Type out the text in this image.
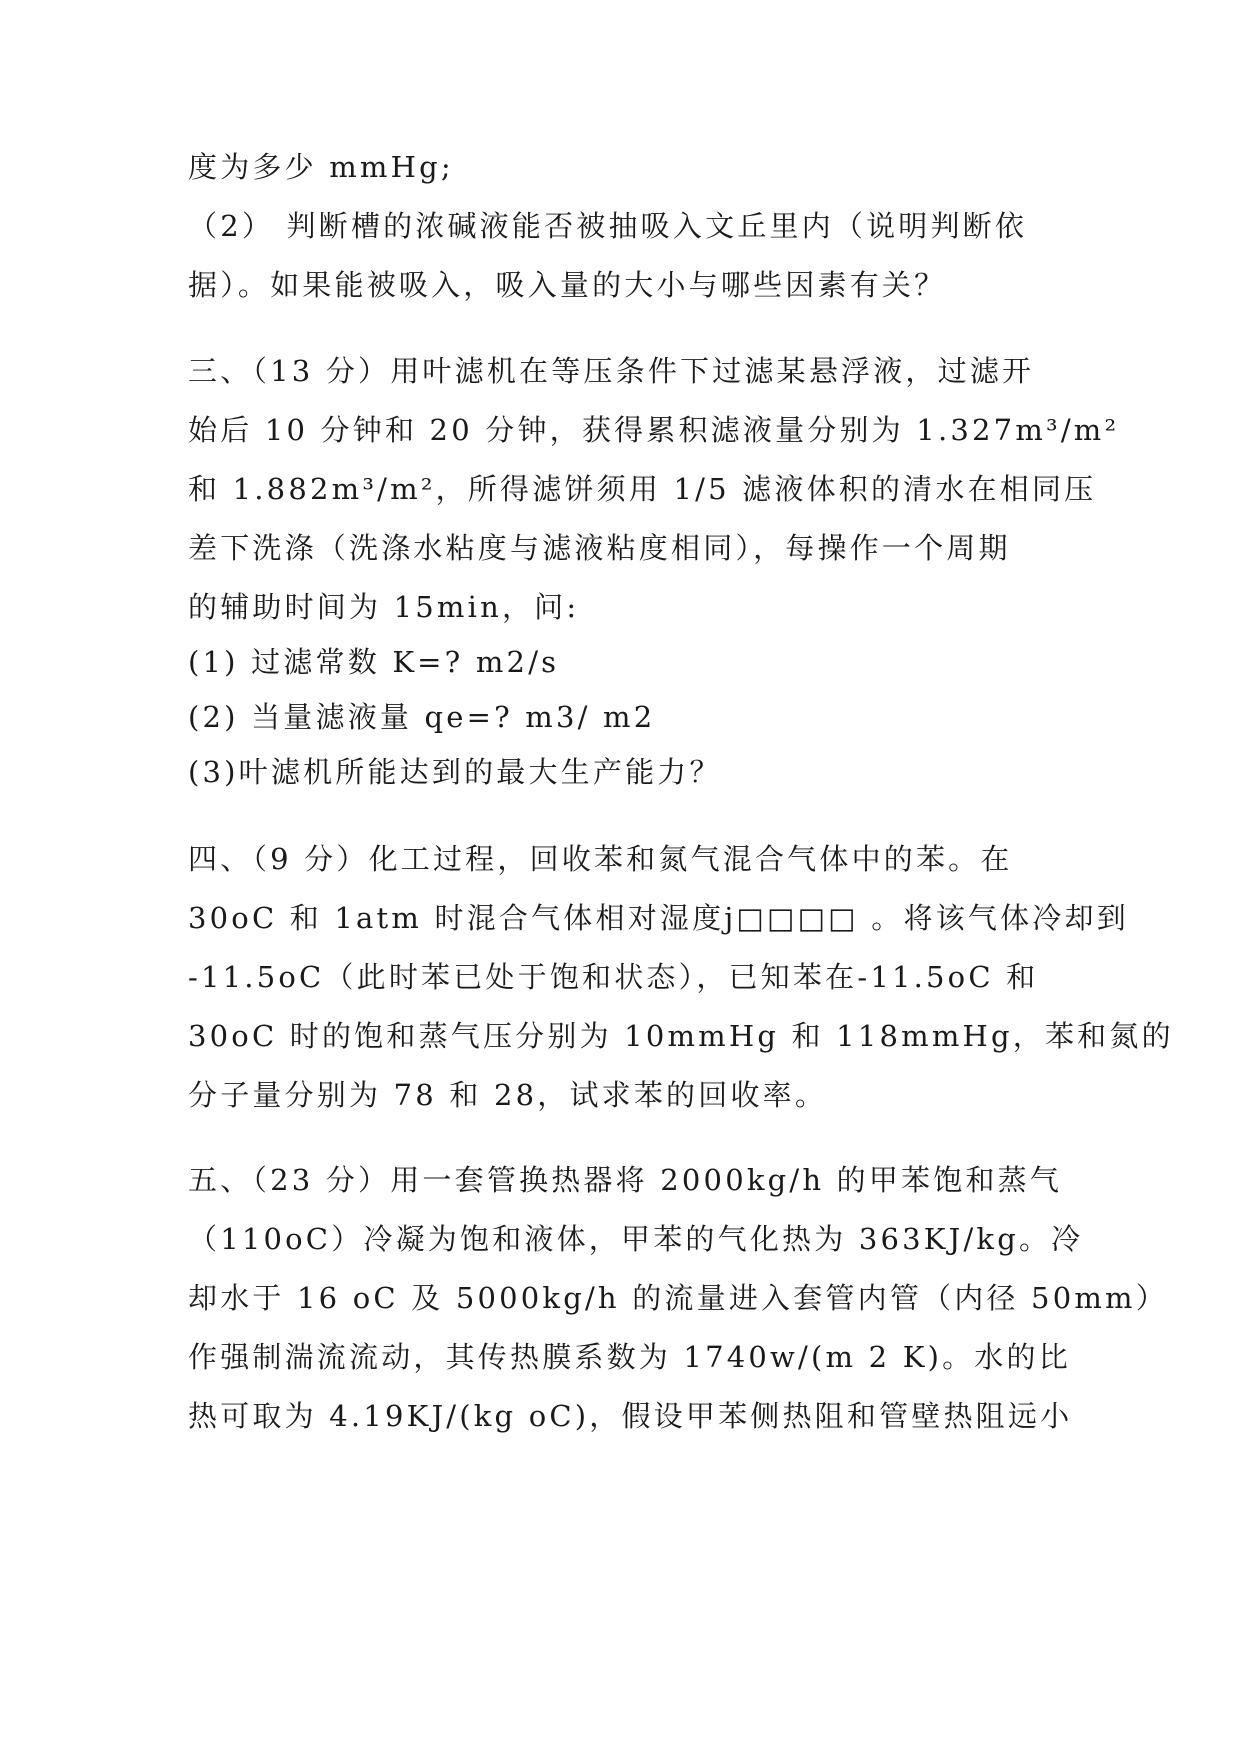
度为多少 mmHg;
（2） 判断槽的浓碱液能否被抽吸入文丘里内（说明判断依
据）。如果能被吸入，吸入量的大小与哪些因素有关？
三、（13 分）用叶滤机在等压条件下过滤某悬浮液，过滤开
始后 10 分钟和 20 分钟，获得累积滤液量分别为 1.327m³/m²
和 1.882m³/m²，所得滤饼须用 1/5 滤液体积的清水在相同压
差下洗涤（洗涤水粘度与滤液粘度相同），每操作一个周期
的辅助时间为 15min，问:
(1) 过滤常数 K=? m2/s
(2) 当量滤液量 qe=? m3/ m2
(3)叶滤机所能达到的最大生产能力？
四、（9 分）化工过程，回收苯和氮气混合气体中的苯。在
30oC 和 1atm 时混合气体相对湿度j□□□□ 。将该气体冷却到
-11.5oC（此时苯已处于饱和状态），已知苯在-11.5oC 和
30oC 时的饱和蒸气压分别为 10mmHg 和 118mmHg，苯和氮的
分子量分别为 78 和 28，试求苯的回收率。
五、（23 分）用一套管换热器将 2000kg/h 的甲苯饱和蒸气
（110oC）冷凝为饱和液体，甲苯的气化热为 363KJ/kg。冷
却水于 16 oC 及 5000kg/h 的流量进入套管内管（内径 50mm）
作强制湍流流动，其传热膜系数为 1740w/(m 2 K)。水的比
热可取为 4.19KJ/(kg oC)，假设甲苯侧热阻和管壁热阻远小
